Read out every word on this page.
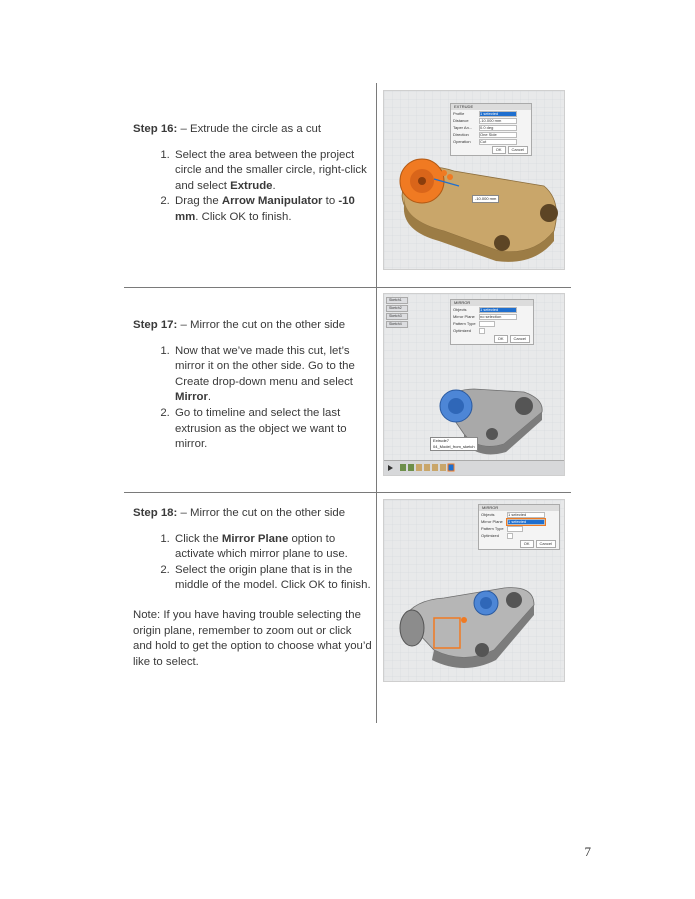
Step 16: – Extrude the circle as a cut

1. Select the area between the project circle and the smaller circle, right-click and select Extrude.
2. Drag the Arrow Manipulator to -10 mm. Click OK to finish.

Step 17: – Mirror the cut on the other side

1. Now that we’ve made this cut, let’s mirror it on the other side. Go to the Create drop-down menu and select Mirror.
2. Go to timeline and select the last extrusion as the object we want to mirror.

Step 18: – Mirror the cut on the other side

1. Click the Mirror Plane option to activate which mirror plane to use.
2. Select the origin plane that is in the middle of the model. Click OK to finish.
Note: If you have having trouble selecting the origin plane, remember to zoom out or click and hold to get the option to choose what you’d like to select.
-10.000 mm
EXTRUDE
Profile	1 selected
Distance	-10.000 mm
Taper An...	0.0 deg
Direction	One Side
Operation	Cut
OK	Cancel
Sketch1
Sketch2
Sketch3
Sketch4
MIRROR
Objects	1 selected
Mirror Plane	no selection
Pattern Type
Optimized
OK	Cancel
Extrude7
04_Model_from_sketch
MIRROR
Objects	1 selected
Mirror Plane	1 selected
Pattern Type
Optimized
OK	Cancel
7
